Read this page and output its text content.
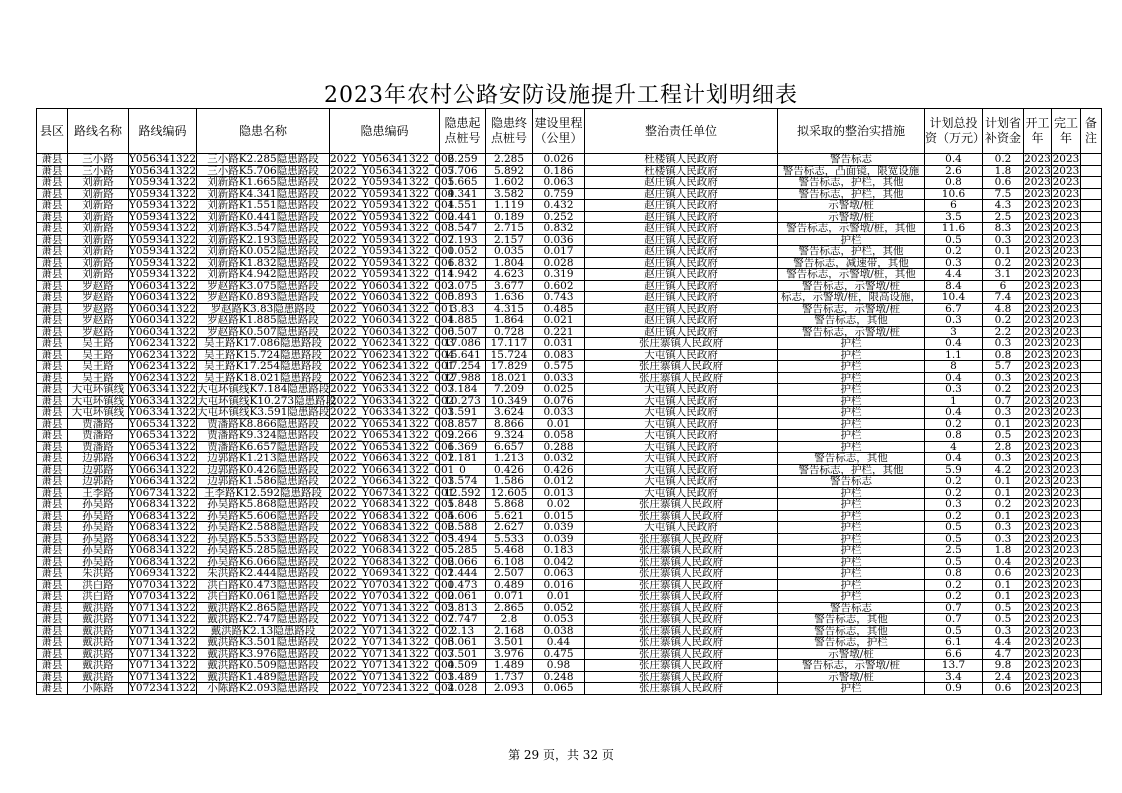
2023年农村公路安防设施提升工程计划明细表
县区	路线名称	路线编码	隐患名称	隐患编码	隐患起点桩号	隐患终点桩号	建设里程（公里）	整治责任单位	拟采取的整治实措施	计划总投资（万元）	计划省补资金	开工年	完工年	备注
萧县	三小路	Y056341322	三小路K2.285隐患路段	2022_Y056341322_006	2.259	2.285	0.026	杜楼镇人民政府	警告标志	0.4	0.2	2023	2023	
萧县	三小路	Y056341322	三小路K5.706隐患路段	2022_Y056341322_007	5.706	5.892	0.186	杜楼镇人民政府	警告标志，凸面镜，限宽设施	2.6	1.8	2023	2023	
萧县	刘新路	Y059341322	刘新路K1.665隐患路段	2022_Y059341322_005	1.665	1.602	0.063	赵庄镇人民政府	警告标志，护栏，其他	0.8	0.6	2023	2023	
萧县	刘新路	Y059341322	刘新路K4.341隐患路段	2022_Y059341322_009	4.341	3.582	0.759	赵庄镇人民政府	警告标志，护栏，其他	10.6	7.5	2023	2023	
萧县	刘新路	Y059341322	刘新路K1.551隐患路段	2022_Y059341322_004	1.551	1.119	0.432	赵庄镇人民政府	示警墩/桩	6	4.3	2023	2023	
萧县	刘新路	Y059341322	刘新路K0.441隐患路段	2022_Y059341322_002	0.441	0.189	0.252	赵庄镇人民政府	示警墩/桩	3.5	2.5	2023	2023	
萧县	刘新路	Y059341322	刘新路K3.547隐患路段	2022_Y059341322_008	3.547	2.715	0.832	赵庄镇人民政府	警告标志，示警墩/桩，其他	11.6	8.3	2023	2023	
萧县	刘新路	Y059341322	刘新路K2.193隐患路段	2022_Y059341322_007	2.193	2.157	0.036	赵庄镇人民政府	护栏	0.5	0.3	2023	2023	
萧县	刘新路	Y059341322	刘新路K0.052隐患路段	2022_Y059341322_001	0.052	0.035	0.017	赵庄镇人民政府	警告标志，护栏，其他	0.2	0.1	2023	2023	
萧县	刘新路	Y059341322	刘新路K1.832隐患路段	2022_Y059341322_006	1.832	1.804	0.028	赵庄镇人民政府	警告标志，减速带，其他	0.3	0.2	2023	2023	
萧县	刘新路	Y059341322	刘新路K4.942隐患路段	2022_Y059341322_011	4.942	4.623	0.319	赵庄镇人民政府	警告标志，示警墩/桩，其他	4.4	3.1	2023	2023	
萧县	罗赵路	Y060341322	罗赵路K3.075隐患路段	2022_Y060341322_002	3.075	3.677	0.602	赵庄镇人民政府	警告标志，示警墩/桩	8.4	6	2023	2023	
萧县	罗赵路	Y060341322	罗赵路K0.893隐患路段	2022_Y060341322_005	0.893	1.636	0.743	赵庄镇人民政府	标志，示警墩/桩，限高设施，	10.4	7.4	2023	2023	
萧县	罗赵路	Y060341322	罗赵路K3.83隐患路段	2022_Y060341322_001	3.83	4.315	0.485	赵庄镇人民政府	警告标志，示警墩/桩	6.7	4.8	2023	2023	
萧县	罗赵路	Y060341322	罗赵路K1.885隐患路段	2022_Y060341322_004	1.885	1.864	0.021	赵庄镇人民政府	警告标志，其他	0.3	0.2	2023	2023	
萧县	罗赵路	Y060341322	罗赵路K0.507隐患路段	2022_Y060341322_006	0.507	0.728	0.221	赵庄镇人民政府	警告标志，示警墩/桩	3	2.2	2023	2023	
萧县	吴王路	Y062341322	吴王路K17.086隐患路段	2022_Y062341322_003	17.086	17.117	0.031	张庄寨镇人民政府	护栏	0.4	0.3	2023	2023	
萧县	吴王路	Y062341322	吴王路K15.724隐患路段	2022_Y062341322_004	15.641	15.724	0.083	大屯镇人民政府	护栏	1.1	0.8	2023	2023	
萧县	吴王路	Y062341322	吴王路K17.254隐患路段	2022_Y062341322_001	17.254	17.829	0.575	张庄寨镇人民政府	护栏	8	5.7	2023	2023	
萧县	吴王路	Y062341322	吴王路K18.021隐患路段	2022_Y062341322_002	17.988	18.021	0.033	张庄寨镇人民政府	护栏	0.4	0.3	2023	2023	
萧县	大屯环镇线	Y063341322	大屯环镇线K7.184隐患路段	2022_Y063341322_003	7.184	7.209	0.025	大屯镇人民政府	护栏	0.3	0.2	2023	2023	
萧县	大屯环镇线	Y063341322	大屯环镇线K10.273隐患路段	2022_Y063341322_002	10.273	10.349	0.076	大屯镇人民政府	护栏	1	0.7	2023	2023	
萧县	大屯环镇线	Y063341322	大屯环镇线K3.591隐患路段	2022_Y063341322_001	3.591	3.624	0.033	大屯镇人民政府	护栏	0.4	0.3	2023	2023	
萧县	贾潘路	Y065341322	贾潘路K8.866隐患路段	2022_Y065341322_003	8.857	8.866	0.01	大屯镇人民政府	护栏	0.2	0.1	2023	2023	
萧县	贾潘路	Y065341322	贾潘路K9.324隐患路段	2022_Y065341322_002	9.266	9.324	0.058	大屯镇人民政府	护栏	0.8	0.5	2023	2023	
萧县	贾潘路	Y065341322	贾潘路K6.657隐患路段	2022_Y065341322_001	6.369	6.657	0.288	大屯镇人民政府	护栏	4	2.8	2023	2023	
萧县	边郭路	Y066341322	边郭路K1.213隐患路段	2022_Y066341322_002	1.181	1.213	0.032	大屯镇人民政府	警告标志，其他	0.4	0.3	2023	2023	
萧县	边郭路	Y066341322	边郭路K0.426隐患路段	2022_Y066341322_001	0	0.426	0.426	大屯镇人民政府	警告标志，护栏，其他	5.9	4.2	2023	2023	
萧县	边郭路	Y066341322	边郭路K1.586隐患路段	2022_Y066341322_003	1.574	1.586	0.012	大屯镇人民政府	警告标志	0.2	0.1	2023	2023	
萧县	王李路	Y067341322	王李路K12.592隐患路段	2022_Y067341322_001	12.592	12.605	0.013	大屯镇人民政府	护栏	0.2	0.1	2023	2023	
萧县	孙吴路	Y068341322	孙吴路K5.868隐患路段	2022_Y068341322_001	5.848	5.868	0.02	张庄寨镇人民政府	护栏	0.3	0.2	2023	2023	
萧县	孙吴路	Y068341322	孙吴路K5.606隐患路段	2022_Y068341322_004	5.606	5.621	0.015	张庄寨镇人民政府	护栏	0.2	0.1	2023	2023	
萧县	孙吴路	Y068341322	孙吴路K2.588隐患路段	2022_Y068341322_006	2.588	2.627	0.039	大屯镇人民政府	护栏	0.5	0.3	2023	2023	
萧县	孙吴路	Y068341322	孙吴路K5.533隐患路段	2022_Y068341322_003	5.494	5.533	0.039	张庄寨镇人民政府	护栏	0.5	0.3	2023	2023	
萧县	孙吴路	Y068341322	孙吴路K5.285隐患路段	2022_Y068341322_005	5.285	5.468	0.183	张庄寨镇人民政府	护栏	2.5	1.8	2023	2023	
萧县	孙吴路	Y068341322	孙吴路K6.066隐患路段	2022_Y068341322_002	6.066	6.108	0.042	张庄寨镇人民政府	护栏	0.5	0.4	2023	2023	
萧县	朱洪路	Y069341322	朱洪路K2.444隐患路段	2022_Y069341322_001	2.444	2.507	0.063	张庄寨镇人民政府	护栏	0.8	0.6	2023	2023	
萧县	洪白路	Y070341322	洪白路K0.473隐患路段	2022_Y070341322_001	0.473	0.489	0.016	张庄寨镇人民政府	护栏	0.2	0.1	2023	2023	
萧县	洪白路	Y070341322	洪白路K0.061隐患路段	2022_Y070341322_002	0.061	0.071	0.01	张庄寨镇人民政府	护栏	0.2	0.1	2023	2023	
萧县	戴洪路	Y071341322	戴洪路K2.865隐患路段	2022_Y071341322_005	2.813	2.865	0.052	张庄寨镇人民政府	警告标志	0.7	0.5	2023	2023	
萧县	戴洪路	Y071341322	戴洪路K2.747隐患路段	2022_Y071341322_007	2.747	2.8	0.053	张庄寨镇人民政府	警告标志，其他	0.7	0.5	2023	2023	
萧县	戴洪路	Y071341322	戴洪路K2.13隐患路段	2022_Y071341322_002	2.13	2.168	0.038	张庄寨镇人民政府	警告标志，其他	0.5	0.3	2023	2023	
萧县	戴洪路	Y071341322	戴洪路K3.501隐患路段	2022_Y071341322_006	3.061	3.501	0.44	张庄寨镇人民政府	警告标志，护栏	6.1	4.4	2023	2023	
萧县	戴洪路	Y071341322	戴洪路K3.976隐患路段	2022_Y071341322_007	3.501	3.976	0.475	张庄寨镇人民政府	示警墩/桩	6.6	4.7	2023	2023	
萧县	戴洪路	Y071341322	戴洪路K0.509隐患路段	2022_Y071341322_004	0.509	1.489	0.98	张庄寨镇人民政府	警告标志，示警墩/桩	13.7	9.8	2023	2023	
萧县	戴洪路	Y071341322	戴洪路K1.489隐患路段	2022_Y071341322_003	1.489	1.737	0.248	张庄寨镇人民政府	示警墩/桩	3.4	2.4	2023	2023	
萧县	小陈路	Y072341322	小陈路K2.093隐患路段	2022_Y072341322_004	2.028	2.093	0.065	张庄寨镇人民政府	护栏	0.9	0.6	2023	2023	
第 29 页，共 32 页
